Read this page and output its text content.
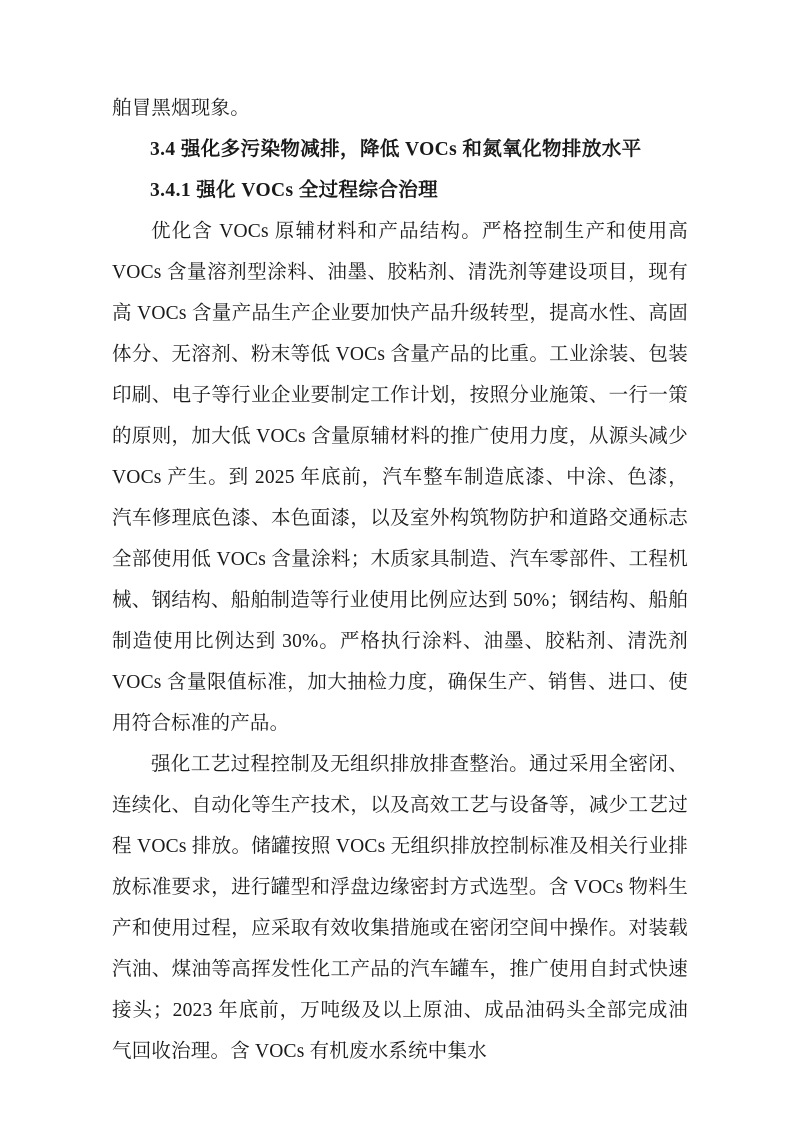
舶冒黑烟现象。

3.4 强化多污染物减排，降低 VOCs 和氮氧化物排放水平

3.4.1 强化 VOCs 全过程综合治理

优化含 VOCs 原辅材料和产品结构。严格控制生产和使用高 VOCs 含量溶剂型涂料、油墨、胶粘剂、清洗剂等建设项目，现有高 VOCs 含量产品生产企业要加快产品升级转型，提高水性、高固体分、无溶剂、粉末等低 VOCs 含量产品的比重。工业涂装、包装印刷、电子等行业企业要制定工作计划，按照分业施策、一行一策的原则，加大低 VOCs 含量原辅材料的推广使用力度，从源头减少 VOCs 产生。到 2025 年底前，汽车整车制造底漆、中涂、色漆，汽车修理底色漆、本色面漆，以及室外构筑物防护和道路交通标志全部使用低 VOCs 含量涂料；木质家具制造、汽车零部件、工程机械、钢结构、船舶制造等行业使用比例应达到 50%；钢结构、船舶制造使用比例达到 30%。严格执行涂料、油墨、胶粘剂、清洗剂 VOCs 含量限值标准，加大抽检力度，确保生产、销售、进口、使用符合标准的产品。

强化工艺过程控制及无组织排放排查整治。通过采用全密闭、连续化、自动化等生产技术，以及高效工艺与设备等，减少工艺过程 VOCs 排放。储罐按照 VOCs 无组织排放控制标准及相关行业排放标准要求，进行罐型和浮盘边缘密封方式选型。含 VOCs 物料生产和使用过程，应采取有效收集措施或在密闭空间中操作。对装载汽油、煤油等高挥发性化工产品的汽车罐车，推广使用自封式快速接头；2023 年底前，万吨级及以上原油、成品油码头全部完成油气回收治理。含 VOCs 有机废水系统中集水
